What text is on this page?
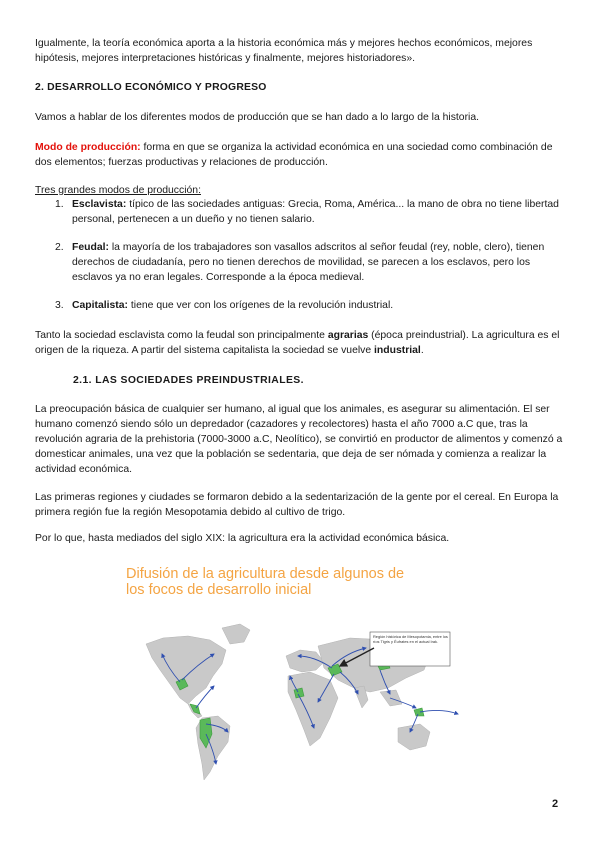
Igualmente, la teoría económica aporta a la historia económica más y mejores hechos económicos, mejores hipótesis, mejores interpretaciones históricas y finalmente, mejores historiadores».
2. DESARROLLO ECONÓMICO Y PROGRESO
Vamos a hablar de los diferentes modos de producción que se han dado a lo largo de la historia.
Modo de producción: forma en que se organiza la actividad económica en una sociedad como combinación de dos elementos; fuerzas productivas y relaciones de producción.
Tres grandes modos de producción:
1. Esclavista: típico de las sociedades antiguas: Grecia, Roma, América... la mano de obra no tiene libertad personal, pertenecen a un dueño y no tienen salario.
2. Feudal: la mayoría de los trabajadores son vasallos adscritos al señor feudal (rey, noble, clero), tienen derechos de ciudadanía, pero no tienen derechos de movilidad, se parecen a los esclavos, pero los esclavos ya no eran legales. Corresponde a la época medieval.
3. Capitalista: tiene que ver con los orígenes de la revolución industrial.
Tanto la sociedad esclavista como la feudal son principalmente agrarias (época preindustrial). La agricultura es el origen de la riqueza. A partir del sistema capitalista la sociedad se vuelve industrial.
2.1. LAS SOCIEDADES PREINDUSTRIALES.
La preocupación básica de cualquier ser humano, al igual que los animales, es asegurar su alimentación. El ser humano comenzó siendo sólo un depredador (cazadores y recolectores) hasta el año 7000 a.C que, tras la revolución agraria de la prehistoria (7000-3000 a.C, Neolítico), se convirtió en productor de alimentos y comenzó a domesticar animales, una vez que la población se sedentaria, que deja de ser nómada y comienza a realizar la actividad económica.
Las primeras regiones y ciudades se formaron debido a la sedentarización de la gente por el cereal. En Europa la primera región fue la región Mesopotamia debido al cultivo de trigo.
Por lo que, hasta mediados del siglo XIX: la agricultura era la actividad económica básica.
Difusión de la agricultura desde algunos de los focos de desarrollo inicial
Región histórica de Mesopotamia, entre los ríos Tigris y Éufrates en el actual Irak.
2
